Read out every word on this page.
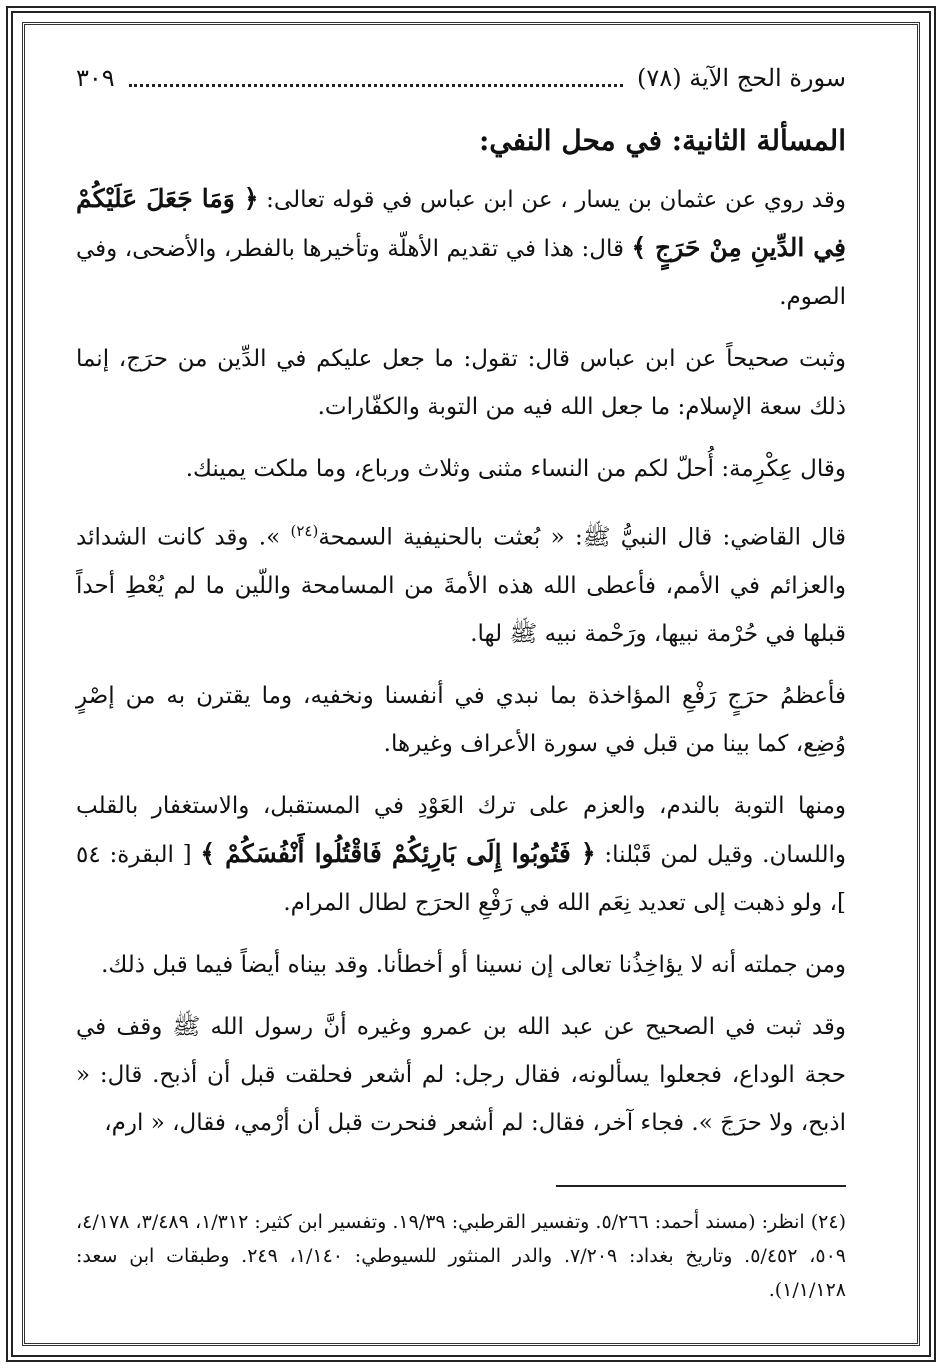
سورة الحج الآية (٧٨)
٣٠٩
المسألة الثانية: في محل النفي:

وقد روي عن عثمان بن يسار ، عن ابن عباس في قوله تعالى: ﴿ وَمَا جَعَلَ عَلَيْكُمْ فِي الدِّينِ مِنْ حَرَجٍ ﴾ قال: هذا في تقديم الأهلّة وتأخيرها بالفطر، والأضحى، وفي الصوم.

وثبت صحيحاً عن ابن عباس قال: تقول: ما جعل عليكم في الدِّين من حرَج، إنما ذلك سعة الإسلام: ما جعل الله فيه من التوبة والكفّارات.

وقال عِكْرِمة: أُحلّ لكم من النساء مثنى وثلاث ورباع، وما ملكت يمينك.

قال القاضي: قال النبيُّ ﷺ: « بُعثت بالحنيفية السمحة$^{(٢٤)}$ ». وقد كانت الشدائد والعزائم في الأمم، فأعطى الله هذه الأمةَ من المسامحة واللّين ما لم يُعْطِ أحداً قبلها في حُرْمة نبيها، ورَحْمة نبيه ﷺ لها.

فأعظمُ حرَجٍ رَفْعِ المؤاخذة بما نبدي في أنفسنا ونخفيه، وما يقترن به من إصْرٍ وُضِع، كما بينا من قبل في سورة الأعراف وغيرها.

ومنها التوبة بالندم، والعزم على ترك العَوْدِ في المستقبل، والاستغفار بالقلب واللسان. وقيل لمن قَبْلنا: ﴿ فَتُوبُوا إِلَى بَارِئِكُمْ فَاقْتُلُوا أَنْفُسَكُمْ ﴾ [ البقرة: ٥٤ ]، ولو ذهبت إلى تعديد نِعَم الله في رَفْعِ الحرَج لطال المرام.

ومن جملته أنه لا يؤاخِذُنا تعالى إن نسينا أو أخطأنا. وقد بيناه أيضاً فيما قبل ذلك.

وقد ثبت في الصحيح عن عبد الله بن عمرو وغيره أنَّ رسول الله ﷺ وقف في حجة الوداع، فجعلوا يسألونه، فقال رجل: لم أشعر فحلقت قبل أن أذبح. قال: « اذبح، ولا حرَجَ ». فجاء آخر، فقال: لم أشعر فنحرت قبل أن أرْمي، فقال، « ارم،

(٢٤) انظر: (مسند أحمد: ٥/٢٦٦. وتفسير القرطبي: ١٩/٣٩. وتفسير ابن كثير: ١/٣١٢، ٣/٤٨٩، ٤/١٧٨، ٥٠٩، ٥/٤٥٢. وتاريخ بغداد: ٧/٢٠٩. والدر المنثور للسيوطي: ١/١٤٠، ٢٤٩. وطبقات ابن سعد: ١/١/١٢٨).
